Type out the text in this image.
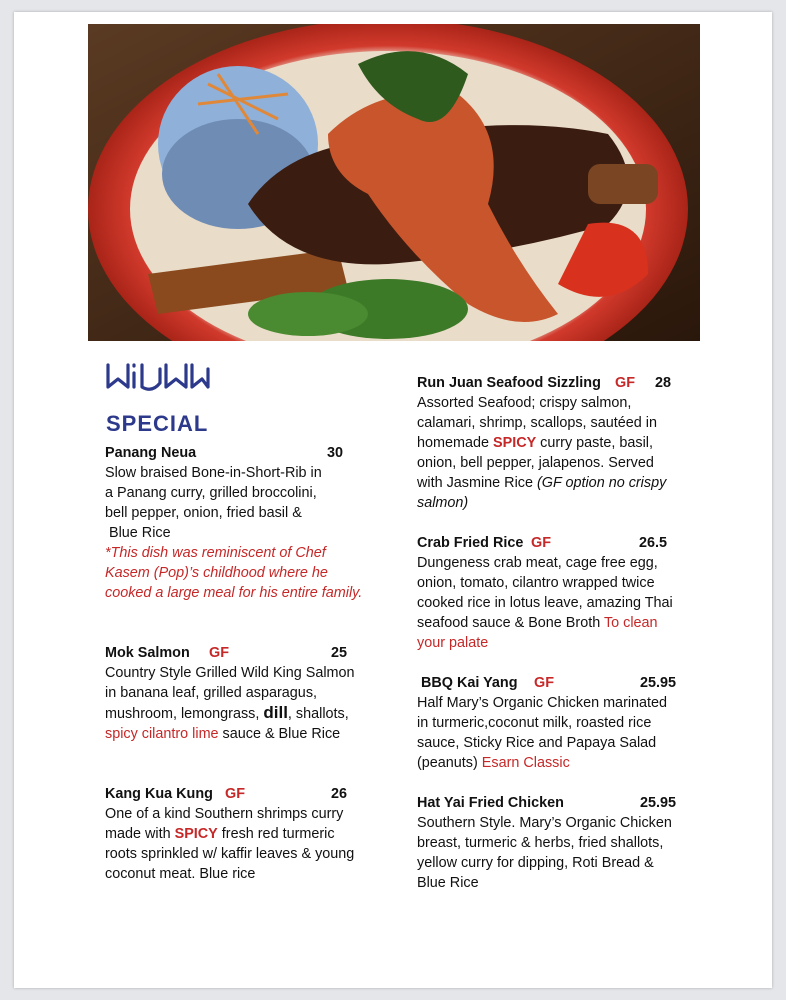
SPECIAL
Panang Neua	30
Slow braised Bone-in-Short-Rib in
a Panang curry, grilled broccolini,
bell pepper, onion, fried basil &
Blue Rice
*This dish was reminiscent of Chef
Kasem (Pop)’s childhood where he
cooked a large meal for his entire family.
Mok Salmon GF	25
Country Style Grilled Wild King Salmon
in banana leaf, grilled asparagus,
mushroom, lemongrass, dill, shallots,
spicy cilantro lime sauce & Blue Rice
Kang Kua Kung GF	26
One of a kind Southern shrimps curry
made with SPICY fresh red turmeric
roots sprinkled w/ kaffir leaves & young
coconut meat. Blue rice
Run Juan Seafood Sizzling GF 28
Assorted Seafood; crispy salmon,
calamari, shrimp, scallops, sautéed in
homemade SPICY curry paste, basil,
onion, bell pepper, jalapenos. Served
with Jasmine Rice (GF option no crispy
salmon)
Crab Fried Rice GF	26.5
Dungeness crab meat, cage free egg,
onion, tomato, cilantro wrapped twice
cooked rice in lotus leave, amazing Thai
seafood sauce & Bone Broth To clean
your palate
BBQ Kai Yang GF	25.95
Half Mary’s Organic Chicken marinated
in turmeric,coconut milk, roasted rice
sauce, Sticky Rice and Papaya Salad
(peanuts) Esarn Classic
Hat Yai Fried Chicken	25.95
Southern Style. Mary’s Organic Chicken
breast, turmeric & herbs, fried shallots,
yellow curry for dipping, Roti Bread &
Blue Rice
